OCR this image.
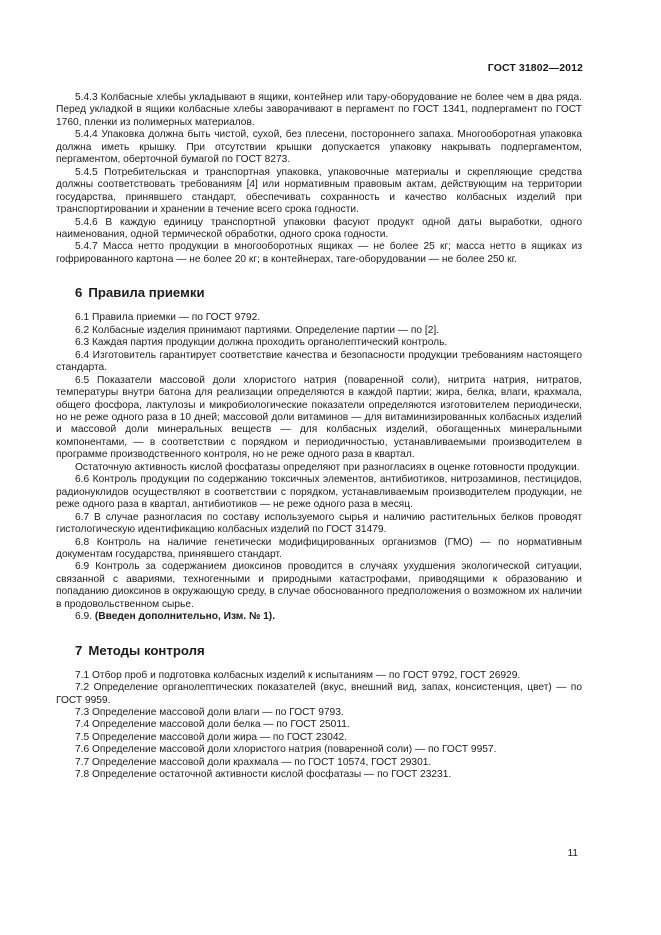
ГОСТ 31802—2012

5.4.3 Колбасные хлебы укладывают в ящики, контейнер или тару-оборудование не более чем в два ряда. Перед укладкой в ящики колбасные хлебы заворачивают в пергамент по ГОСТ 1341, подпергамент по ГОСТ 1760, пленки из полимерных материалов.

5.4.4 Упаковка должна быть чистой, сухой, без плесени, постороннего запаха. Многооборотная упаковка должна иметь крышку. При отсутствии крышки допускается упаковку накрывать подпергаментом, пергаментом, оберточной бумагой по ГОСТ 8273.

5.4.5 Потребительская и транспортная упаковка, упаковочные материалы и скрепляющие средства должны соответствовать требованиям [4] или нормативным правовым актам, действующим на территории государства, принявшего стандарт, обеспечивать сохранность и качество колбасных изделий при транспортировании и хранении в течение всего срока годности.

5.4.6 В каждую единицу транспортной упаковки фасуют продукт одной даты выработки, одного наименования, одной термической обработки, одного срока годности.

5.4.7 Масса нетто продукции в многооборотных ящиках — не более 25 кг; масса нетто в ящиках из гофрированного картона — не более 20 кг; в контейнерах, тare-оборудовании — не более 250 кг.

6 Правила приемки

6.1 Правила приемки — по ГОСТ 9792.

6.2 Колбасные изделия принимают партиями. Определение партии — по [2].

6.3 Каждая партия продукции должна проходить органолептический контроль.

6.4 Изготовитель гарантирует соответствие качества и безопасности продукции требованиям настоящего стандарта.

6.5 Показатели массовой доли хлористого натрия (поваренной соли), нитрита натрия, нитратов, температуры внутри батона для реализации определяются в каждой партии; жира, белка, влаги, крахмала, общего фосфора, лактулозы и микробиологические показатели определяются изготовителем периодически, но не реже одного раза в 10 дней; массовой доли витаминов — для витаминизированных колбасных изделий и массовой доли минеральных веществ — для колбасных изделий, обогащенных минеральными компонентами, — в соответствии с порядком и периодичностью, устанавливаемыми производителем в программе производственного контроля, но не реже одного раза в квартал.

Остаточную активность кислой фосфатазы определяют при разногласиях в оценке готовности продукции.

6.6 Контроль продукции по содержанию токсичных элементов, антибиотиков, нитрозаминов, пестицидов, радионуклидов осуществляют в соответствии с порядком, устанавливаемым производителем продукции, не реже одного раза в квартал, антибиотиков — не реже одного раза в месяц.

6.7 В случае разногласия по составу используемого сырья и наличию растительных белков проводят гистологическую идентификацию колбасных изделий по ГОСТ 31479.

6.8 Контроль на наличие генетически модифицированных организмов (ГМО) — по нормативным документам государства, принявшего стандарт.

6.9 Контроль за содержанием диоксинов проводится в случаях ухудшения экологической ситуации, связанной с авариями, техногенными и природными катастрофами, приводящими к образованию и попаданию диоксинов в окружающую среду, в случае обоснованного предположения о возможном их наличии в продовольственном сырье.

6.9. (Введен дополнительно, Изм. № 1).

7 Методы контроля

7.1 Отбор проб и подготовка колбасных изделий к испытаниям — по ГОСТ 9792, ГОСТ 26929.

7.2 Определение органолептических показателей (вкус, внешний вид, запах, консистенция, цвет) — по ГОСТ 9959.

7.3 Определение массовой доли влаги — по ГОСТ 9793.

7.4 Определение массовой доли белка — по ГОСТ 25011.

7.5 Определение массовой доли жира — по ГОСТ 23042.

7.6 Определение массовой доли хлористого натрия (поваренной соли) — по ГОСТ 9957.

7.7 Определение массовой доли крахмала — по ГОСТ 10574, ГОСТ 29301.

7.8 Определение остаточной активности кислой фосфатазы — по ГОСТ 23231.

11
